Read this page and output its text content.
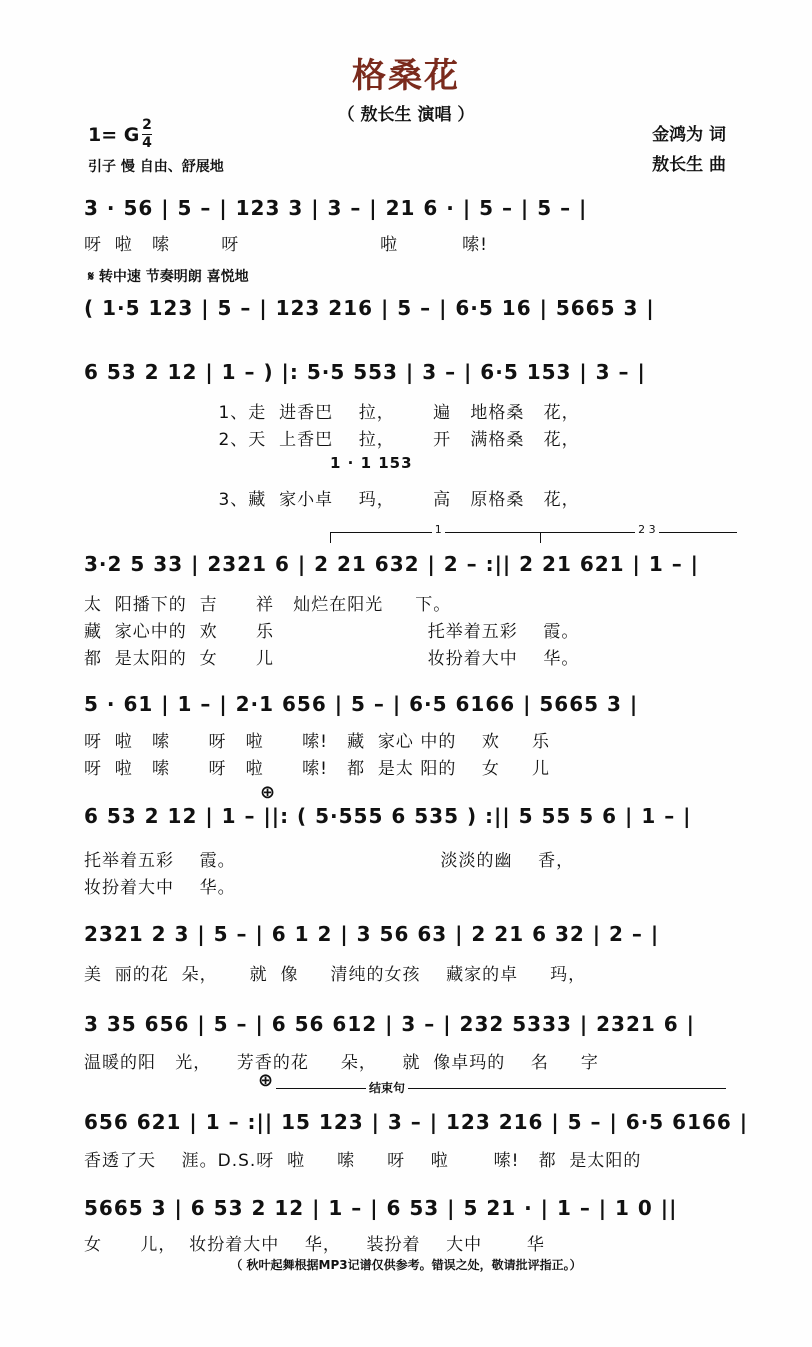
格桑花
（ 敖长生 演唱 ）
1= G 2
4
引子 慢 自由、舒展地
金鸿为 词
敖长生 曲
3 · 56 | 5 – | 123 3 | 3 – | 21 6 · | 5 – | 5 – |
呀  啦   嗦        呀                      啦          嗦!
𝄋 转中速 节奏明朗 喜悦地
( 1·5 123 | 5 – | 123 216 | 5 – | 6·5 16 | 5665 3 |
6 53 2 12 | 1 – ) |: 5·5 553 | 3 – | 6·5 153 | 3 – |
1、走  进香巴    拉，      遍   地格桑   花，
2、天  上香巴    拉，      开   满格桑   花，
1 · 1 153
3、藏  家小卓    玛，      高   原格桑   花，
1	2 3
3·2 5 33 | 2321 6 | 2 21 632 | 2 – :|| 2 21 621 | 1 – |
太  阳播下的  吉      祥   灿烂在阳光     下。
藏  家心中的  欢      乐                        托举着五彩    霞。
都  是太阳的  女      儿                        妆扮着大中    华。
5 · 61 | 1 – | 2·1 656 | 5 – | 6·5 6166 | 5665 3 |
呀  啦   嗦      呀   啦      嗦!   藏  家心 中的    欢     乐
呀  啦   嗦      呀   啦      嗦!   都  是太 阳的    女     儿
⊕
6 53 2 12 | 1 – ||: ( 5·555 6 535 ) :|| 5 55 5 6 | 1 – |
托举着五彩    霞。                                淡淡的幽    香，
妆扮着大中    华。
2321 2 3 | 5 – | 6 1 2 | 3 56 63 | 2 21 6 32 | 2 – |
美  丽的花  朵，     就  像     清纯的女孩    藏家的卓     玛，
3 35 656 | 5 – | 6 56 612 | 3 – | 232 5333 | 2321 6 |
温暖的阳   光，    芳香的花     朵，    就  像卓玛的    名     字
⊕	结束句
656 621 | 1 – :|| 15 123 | 3 – | 123 216 | 5 – | 6·5 6166 |
香透了天    涯。D.S.呀  啦     嗦     呀    啦       嗦!   都  是太阳的
5665 3 | 6 53 2 12 | 1 – | 6 53 | 5 21 · | 1 – | 1 0 ||
女      儿，  妆扮着大中    华，    装扮着    大中       华
（ 秋叶起舞根据MP3记谱仅供参考。错误之处，敬请批评指正。）
